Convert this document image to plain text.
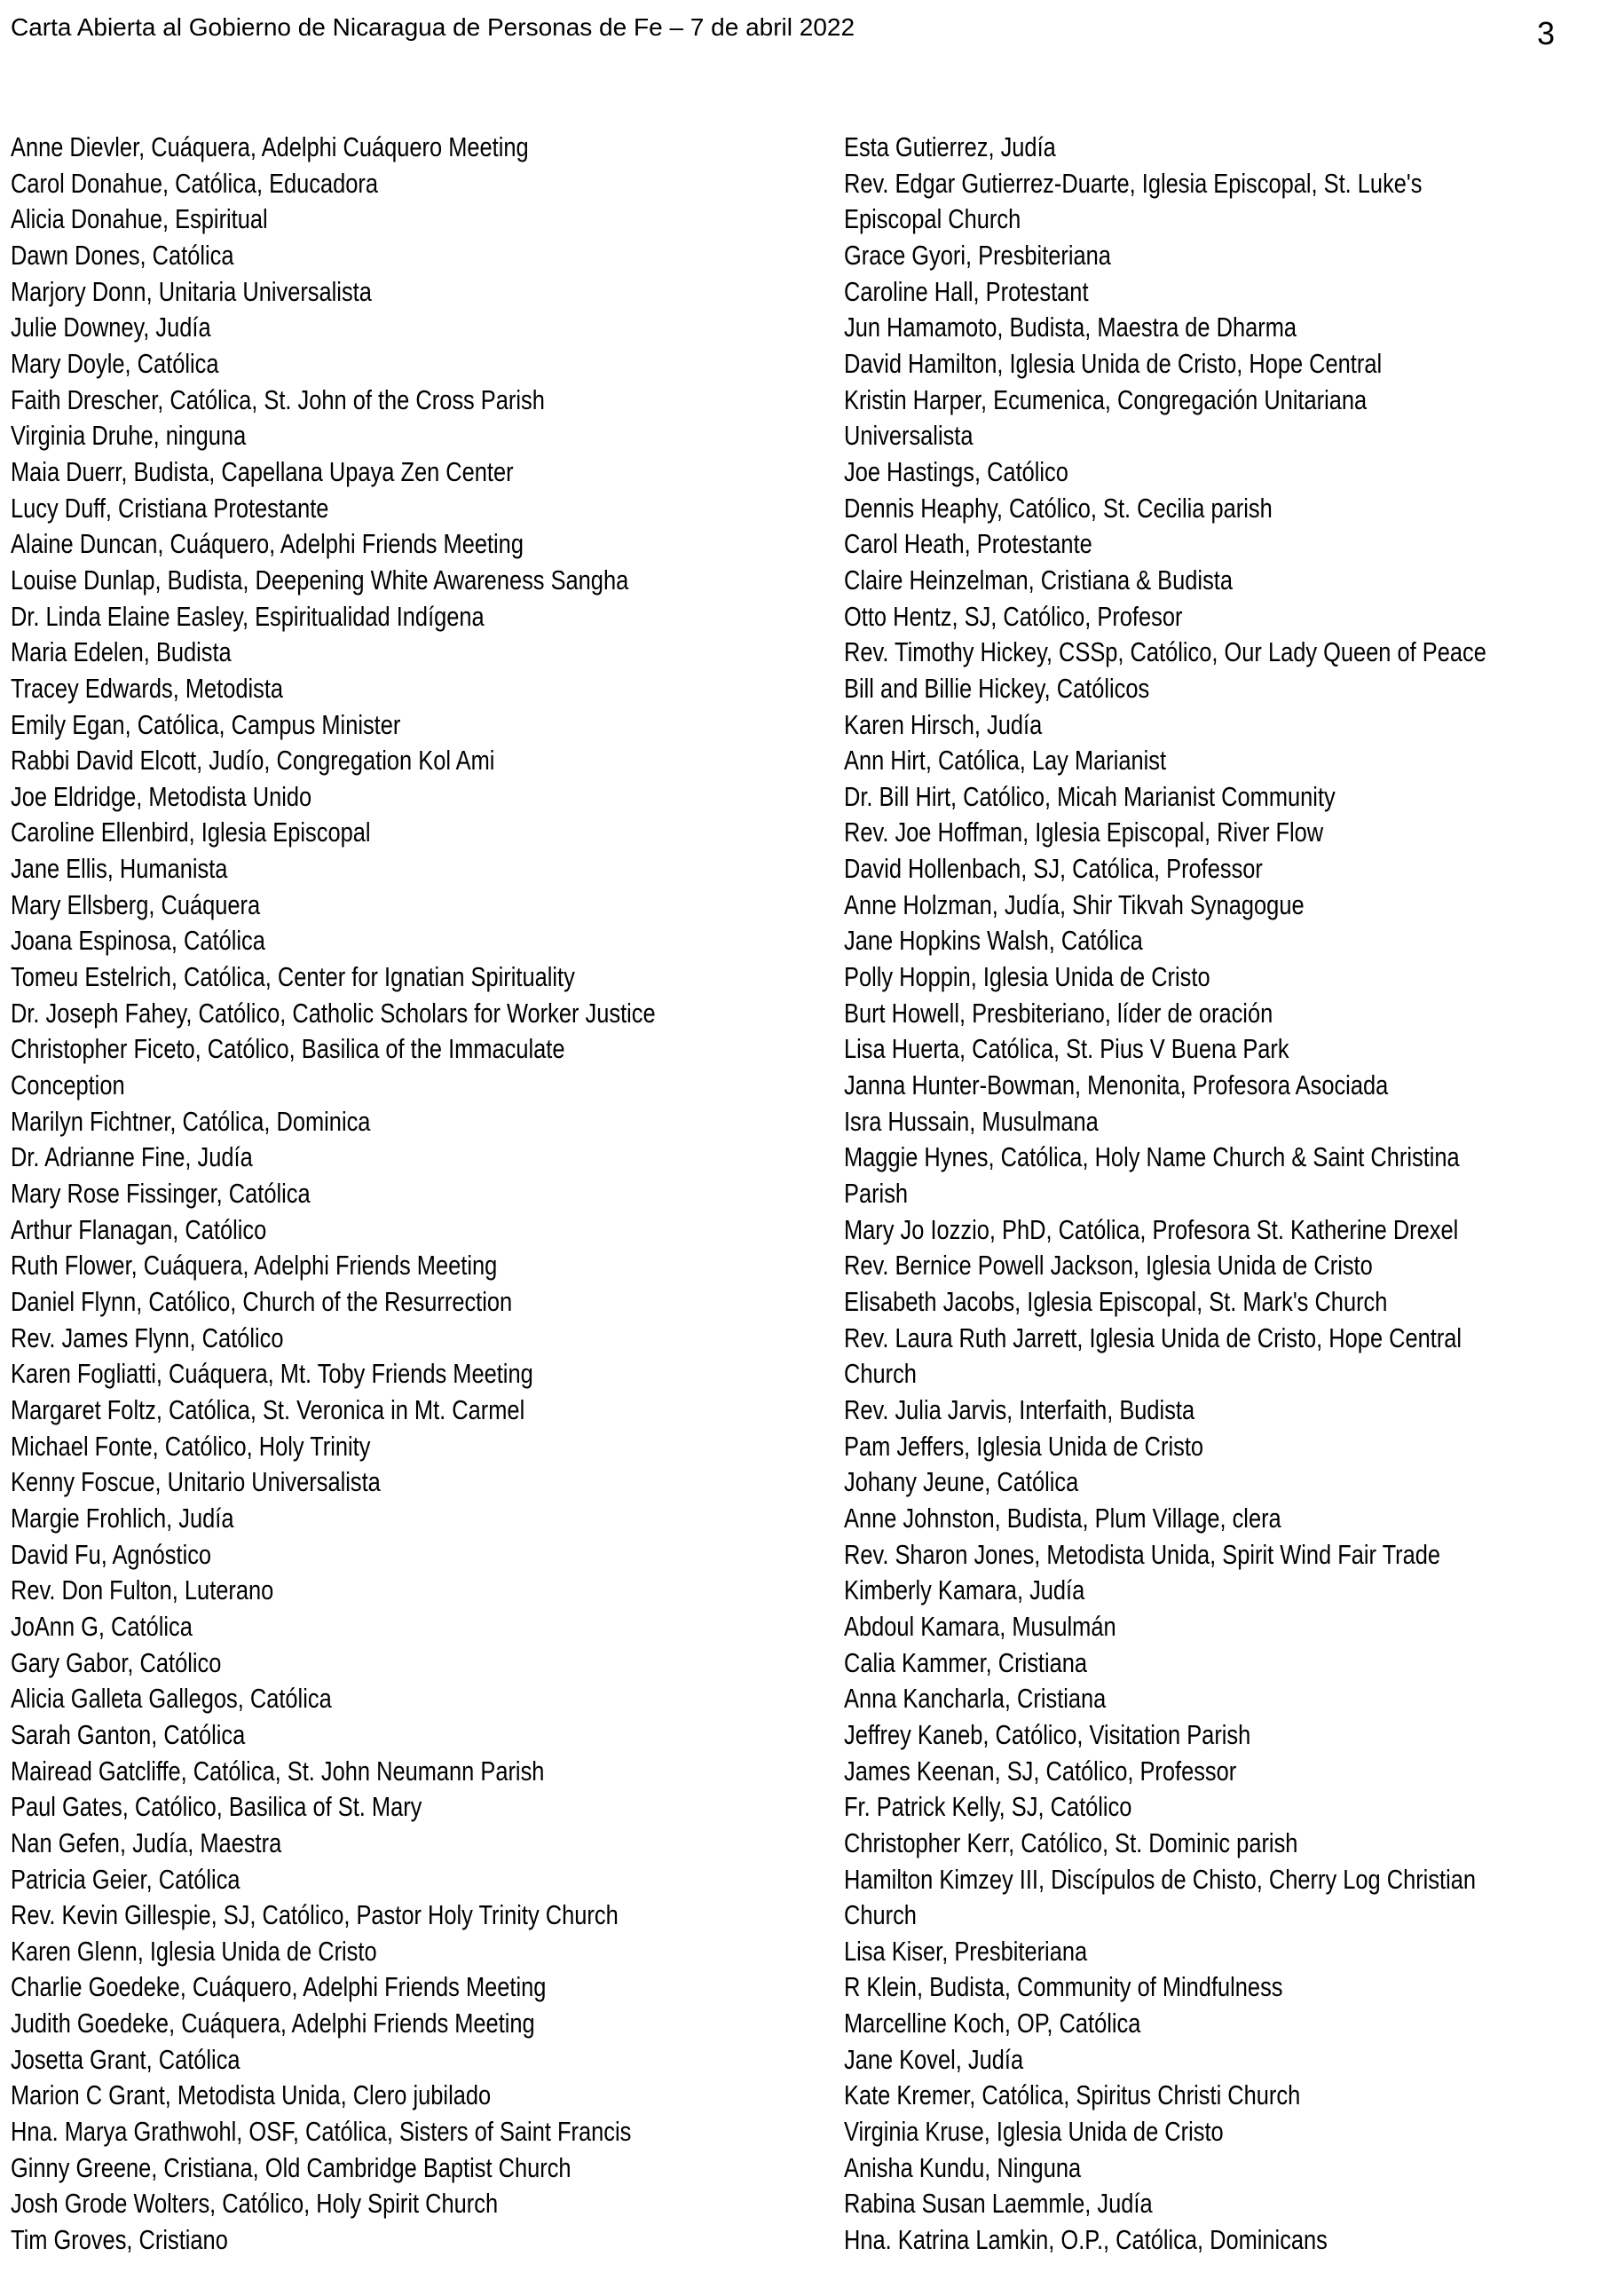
Carta Abierta al Gobierno de Nicaragua de Personas de Fe – 7 de abril 2022	3
Anne Dievler, Cuáquera, Adelphi Cuáquero Meeting
Carol Donahue, Católica, Educadora
Alicia Donahue, Espiritual
Dawn Dones, Católica
Marjory Donn, Unitaria Universalista
Julie Downey, Judía
Mary Doyle, Católica
Faith Drescher, Católica, St. John of the Cross Parish
Virginia Druhe, ninguna
Maia Duerr, Budista, Capellana Upaya Zen Center
Lucy Duff, Cristiana Protestante
Alaine Duncan, Cuáquero, Adelphi Friends Meeting
Louise Dunlap, Budista, Deepening White Awareness Sangha
Dr. Linda Elaine Easley, Espiritualidad Indígena
Maria Edelen, Budista
Tracey Edwards, Metodista
Emily Egan, Católica, Campus Minister
Rabbi David Elcott, Judío, Congregation Kol Ami
Joe Eldridge, Metodista Unido
Caroline Ellenbird, Iglesia Episcopal
Jane Ellis, Humanista
Mary Ellsberg, Cuáquera
Joana Espinosa, Católica
Tomeu Estelrich, Católica, Center for Ignatian Spirituality
Dr. Joseph Fahey, Católico, Catholic Scholars for Worker Justice
Christopher Ficeto, Católico, Basilica of the Immaculate
Conception
Marilyn Fichtner, Católica, Dominica
Dr. Adrianne Fine, Judía
Mary Rose Fissinger, Católica
Arthur Flanagan, Católico
Ruth Flower, Cuáquera, Adelphi Friends Meeting
Daniel Flynn, Católico, Church of the Resurrection
Rev. James Flynn, Católico
Karen Fogliatti, Cuáquera, Mt. Toby Friends Meeting
Margaret Foltz, Católica, St. Veronica in Mt. Carmel
Michael Fonte, Católico, Holy Trinity
Kenny Foscue, Unitario Universalista
Margie Frohlich, Judía
David Fu, Agnóstico
Rev. Don Fulton, Luterano
JoAnn G, Católica
Gary Gabor, Católico
Alicia Galleta Gallegos, Católica
Sarah Ganton, Católica
Mairead Gatcliffe, Católica, St. John Neumann Parish
Paul Gates, Católico, Basilica of St. Mary
Nan Gefen, Judía, Maestra
Patricia Geier, Católica
Rev. Kevin Gillespie, SJ, Católico, Pastor Holy Trinity Church
Karen Glenn, Iglesia Unida de Cristo
Charlie Goedeke, Cuáquero, Adelphi Friends Meeting
Judith Goedeke, Cuáquera, Adelphi Friends Meeting
Josetta Grant, Católica
Marion C Grant, Metodista Unida, Clero jubilado
Hna. Marya Grathwohl, OSF, Católica, Sisters of Saint Francis
Ginny Greene, Cristiana, Old Cambridge Baptist Church
Josh Grode Wolters, Católico, Holy Spirit Church
Tim Groves, Cristiano
Esta Gutierrez, Judía
Rev. Edgar Gutierrez-Duarte, Iglesia Episcopal, St. Luke's
Episcopal Church
Grace Gyori, Presbiteriana
Caroline Hall, Protestant
Jun Hamamoto, Budista, Maestra de Dharma
David Hamilton, Iglesia Unida de Cristo, Hope Central
Kristin Harper, Ecumenica, Congregación Unitariana
Universalista
Joe Hastings, Católico
Dennis Heaphy, Católico, St. Cecilia parish
Carol Heath, Protestante
Claire Heinzelman, Cristiana & Budista
Otto Hentz, SJ, Católico, Profesor
Rev. Timothy Hickey, CSSp, Católico, Our Lady Queen of Peace
Bill and Billie Hickey, Católicos
Karen Hirsch, Judía
Ann Hirt, Católica, Lay Marianist
Dr. Bill Hirt, Católico, Micah Marianist Community
Rev. Joe Hoffman, Iglesia Episcopal, River Flow
David Hollenbach, SJ, Católica, Professor
Anne Holzman, Judía, Shir Tikvah Synagogue
Jane Hopkins Walsh, Católica
Polly Hoppin, Iglesia Unida de Cristo
Burt Howell, Presbiteriano, líder de oración
Lisa Huerta, Católica, St. Pius V Buena Park
Janna Hunter-Bowman, Menonita, Profesora Asociada
Isra Hussain, Musulmana
Maggie Hynes, Católica, Holy Name Church & Saint Christina
Parish
Mary Jo Iozzio, PhD, Católica, Profesora St. Katherine Drexel
Rev. Bernice Powell Jackson, Iglesia Unida de Cristo
Elisabeth Jacobs, Iglesia Episcopal, St. Mark's Church
Rev. Laura Ruth Jarrett, Iglesia Unida de Cristo, Hope Central
Church
Rev. Julia Jarvis, Interfaith, Budista
Pam Jeffers, Iglesia Unida de Cristo
Johany Jeune, Católica
Anne Johnston, Budista, Plum Village, clera
Rev. Sharon Jones, Metodista Unida, Spirit Wind Fair Trade
Kimberly Kamara, Judía
Abdoul Kamara, Musulmán
Calia Kammer, Cristiana
Anna Kancharla, Cristiana
Jeffrey Kaneb, Católico, Visitation Parish
James Keenan, SJ, Católico, Professor
Fr. Patrick Kelly, SJ, Católico
Christopher Kerr, Católico, St. Dominic parish
Hamilton Kimzey III, Discípulos de Chisto, Cherry Log Christian
Church
Lisa Kiser, Presbiteriana
R Klein, Budista, Community of Mindfulness
Marcelline Koch, OP, Católica
Jane Kovel, Judía
Kate Kremer, Católica, Spiritus Christi Church
Virginia Kruse, Iglesia Unida de Cristo
Anisha Kundu, Ninguna
Rabina Susan Laemmle, Judía
Hna. Katrina Lamkin, O.P., Católica, Dominicans
